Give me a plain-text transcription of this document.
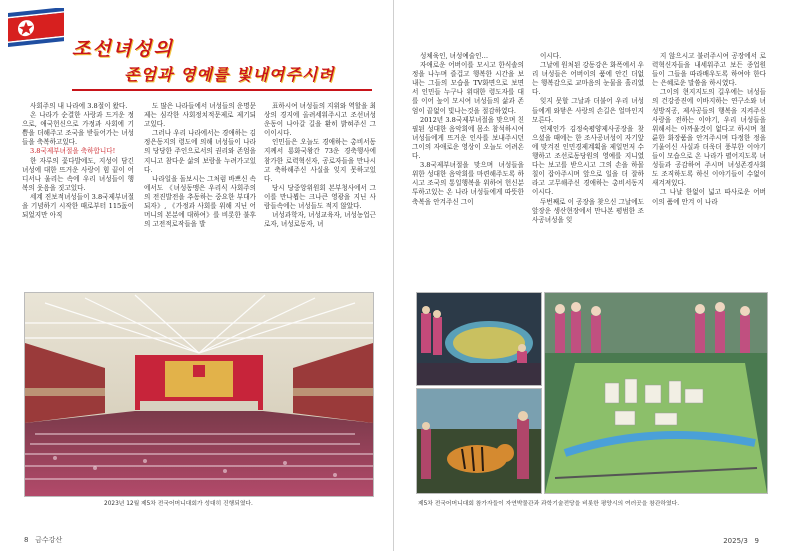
조선녀성의
존엄과 영예를 빛내여주시려

사회주의 내 나라에 3.8절이 왔다.

온 나라가 순결한 사랑과 드거운 정으로, 애국헌신으로 가정과 사회에 기쁨을 더해주고 조국을 받들어가는 녀성들을 축복하고있다.

3.8국제부녀절을 축하합니다!

한 자루의 꽃다발에도, 지성이 담긴 녀성에 대한 뜨거운 사랑이 힘 끝이 어디서나 울리는 속에 우리 녀성들이 행복의 웃음을 짓고있다.

세계 진보적녀성들이 3.8국제부녀절을 기념하기 시작한 때로부터 115돐이 되었지만 아직

도 많은 나라들에서 녀성들의 운명문제는 심각한 사회정치적문제로 제기되고있다.

그러나 우리 나라에서는 경애하는 김정은동지의 령도에 의해 녀성들이 나라의 당당한 주인으로서의 권리와 존엄을 지니고 참다운 삶의 보람을 누려가고있다.

나라일을 돌보시는 그처럼 바쁘신 속에서도 《녀성동맹은 우리식 사회주의의 전진발전을 추동하는 중요한 부대가 되자》, 《가정과 사회를 위해 지닌 어머니의 본분에 대하여》를 비롯한 불후의 고전적로작들을 발

표하시여 녀성들의 지위와 역할을 최상의 경지에 올려세워주시고 조선녀성운동이 나아갈 길을 환히 밝혀주신 그이이시다.

인민들은 오늘도 경애하는 총비서동지께서 룡화국왕간 73운 경축행사에 참가한 로력혁신자, 공로자들을 만나시고 축하해주신 사실을 잊지 못하고있다.

당시 당중앙위원회 본부청사에서 그이를 만나뵙는 크나큰 영광을 지닌 사람들속에는 녀성들도 적지 않았다.

녀성과학자, 녀성교육자, 녀성농업근로자, 녀성로동자, 녀

2023년 12월 제5차 전국어머니대회가 성대히 진행되였다.
8 금수강산

성체육인, 녀성예술인…

자애로운 어버이를 모시고 한식솔의 정을 나누며 즐겁고 행복한 시간을 보내는 그들의 모습을 TV화면으로 보면서 인민들 누구나 위대한 령도자를 대를 이어 높이 모시여 녀성들의 삶과 존엄이 끝없이 빛나는것을 절감하였다.

2012년 3.8국제부녀절을 맞으며 친필된 성대한 음악회에 몸소 참석하시여 녀성들에게 뜨거운 인사를 보내주시던 그이의 자애로운 영상이 오늘도 어려온다.

3.8국제부녀절을 맞으며 녀성들을 위한 성대한 음악회를 마련해주도록 하시고 조국의 통일행복을 위하여 헌신분투하고있는 온 나라 녀성들에게 따뜻한 축복을 안겨주신 그이

이시다.

그날에 원처된 강동강은 화폭에서 우리 녀성들은 어버이의 품에 안긴 더없는 행복감으로 교마음의 눈물을 흘리였다.

잊지 못할 그날과 더불어 우리 녀성들에게 와닿은 사랑의 손길은 얼마인지 모른다.

언제인가 김정숙평양제사공장을 찾으셨을 때에는 한 조사공녀성이 자기앞에 맞겨진 인민경제계획을 제일먼저 수행하고 조선로동당원의 영예를 지니였다는 보고를 받으시고 그의 손을 하몰칠이 잡아주시며 앞으로 일을 더 잘하라고 고무해주신 경애하는 총비서동지이시다.

두번째로 이 공장을 찾으신 그날에도 앞장운 생산현장에서 만나본 평범한 조사공녀성을 잊

지 않으시고 불러주시여 공장에서 로력혁신자들을 내세워주고 보든 종업원들이 그들을 따라배우도록 하여야 한다는 은혜로운 말씀을 하시였다.

그이의 현지지도의 길우에는 녀성들의 건강증진에 이바지하는 연구소와 녀성방직공, 제사공들의 행복을 지켜주신 사랑을 전하는 이야기, 우리 녀성들을 위해서는 아까울것이 없다고 하시며 철륜한 화장품을 안겨주시며 다정한 정을 기울이신 사실과 더욱더 풍부한 이야기들이 모습으로 온 나라가 펼어지도록 녀성들과 공감하여 주시며 녀성존경사회도 조직하도록 하신 이야기들이 수없이 새겨져있다.

그 나날 한없이 넓고 따사로운 어버이의 품에 안겨 이 나라

제5차 전국어머니대회 참가자들이 자연박물관과 과학기술전당을 비롯한 평양시의 여러곳을 참관하였다.
2025/3 9
